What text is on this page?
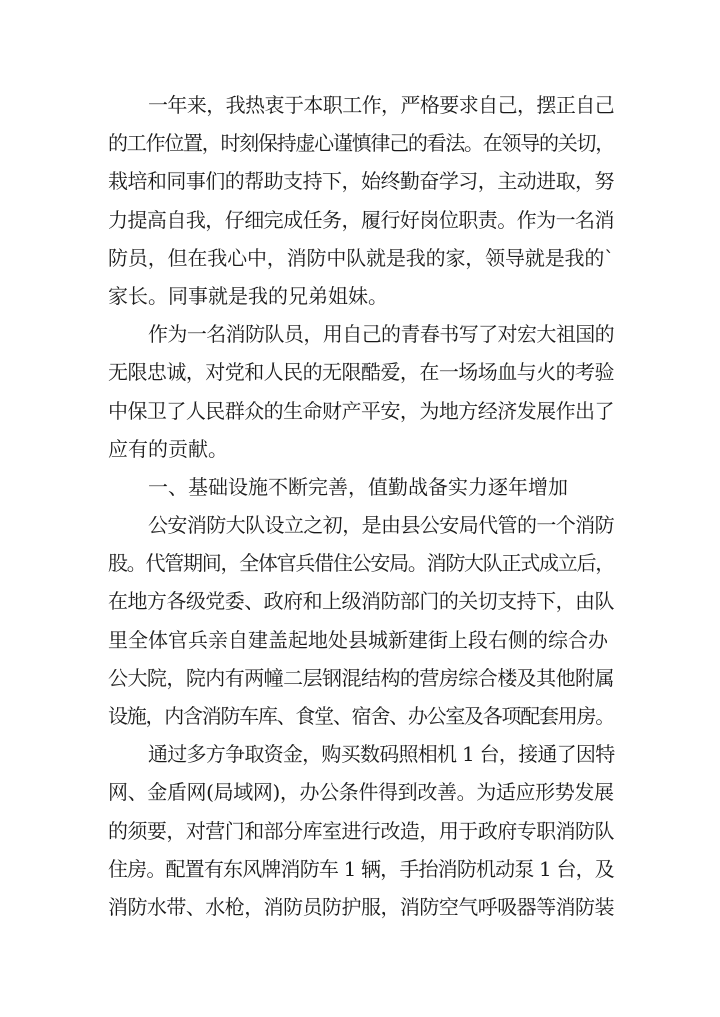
一年来，我热衷于本职工作，严格要求自己，摆正自己
的工作位置，时刻保持虚心谨慎律己的看法。在领导的关切，
栽培和同事们的帮助支持下，始终勤奋学习，主动进取，努
力提高自我，仔细完成任务，履行好岗位职责。作为一名消
防员，但在我心中，消防中队就是我的家，领导就是我的`
家长。同事就是我的兄弟姐妹。
作为一名消防队员，用自己的青春书写了对宏大祖国的
无限忠诚，对党和人民的无限酷爱，在一场场血与火的考验
中保卫了人民群众的生命财产平安，为地方经济发展作出了
应有的贡献。
一、基础设施不断完善，值勤战备实力逐年增加
公安消防大队设立之初，是由县公安局代管的一个消防
股。代管期间，全体官兵借住公安局。消防大队正式成立后，
在地方各级党委、政府和上级消防部门的关切支持下，由队
里全体官兵亲自建盖起地处县城新建街上段右侧的综合办
公大院，院内有两幢二层钢混结构的营房综合楼及其他附属
设施，内含消防车库、食堂、宿舍、办公室及各项配套用房。
通过多方争取资金，购买数码照相机 1 台，接通了因特
网、金盾网(局域网)，办公条件得到改善。为适应形势发展
的须要，对营门和部分库室进行改造，用于政府专职消防队
住房。配置有东风牌消防车 1 辆，手抬消防机动泵 1 台，及
消防水带、水枪，消防员防护服，消防空气呼吸器等消防装
